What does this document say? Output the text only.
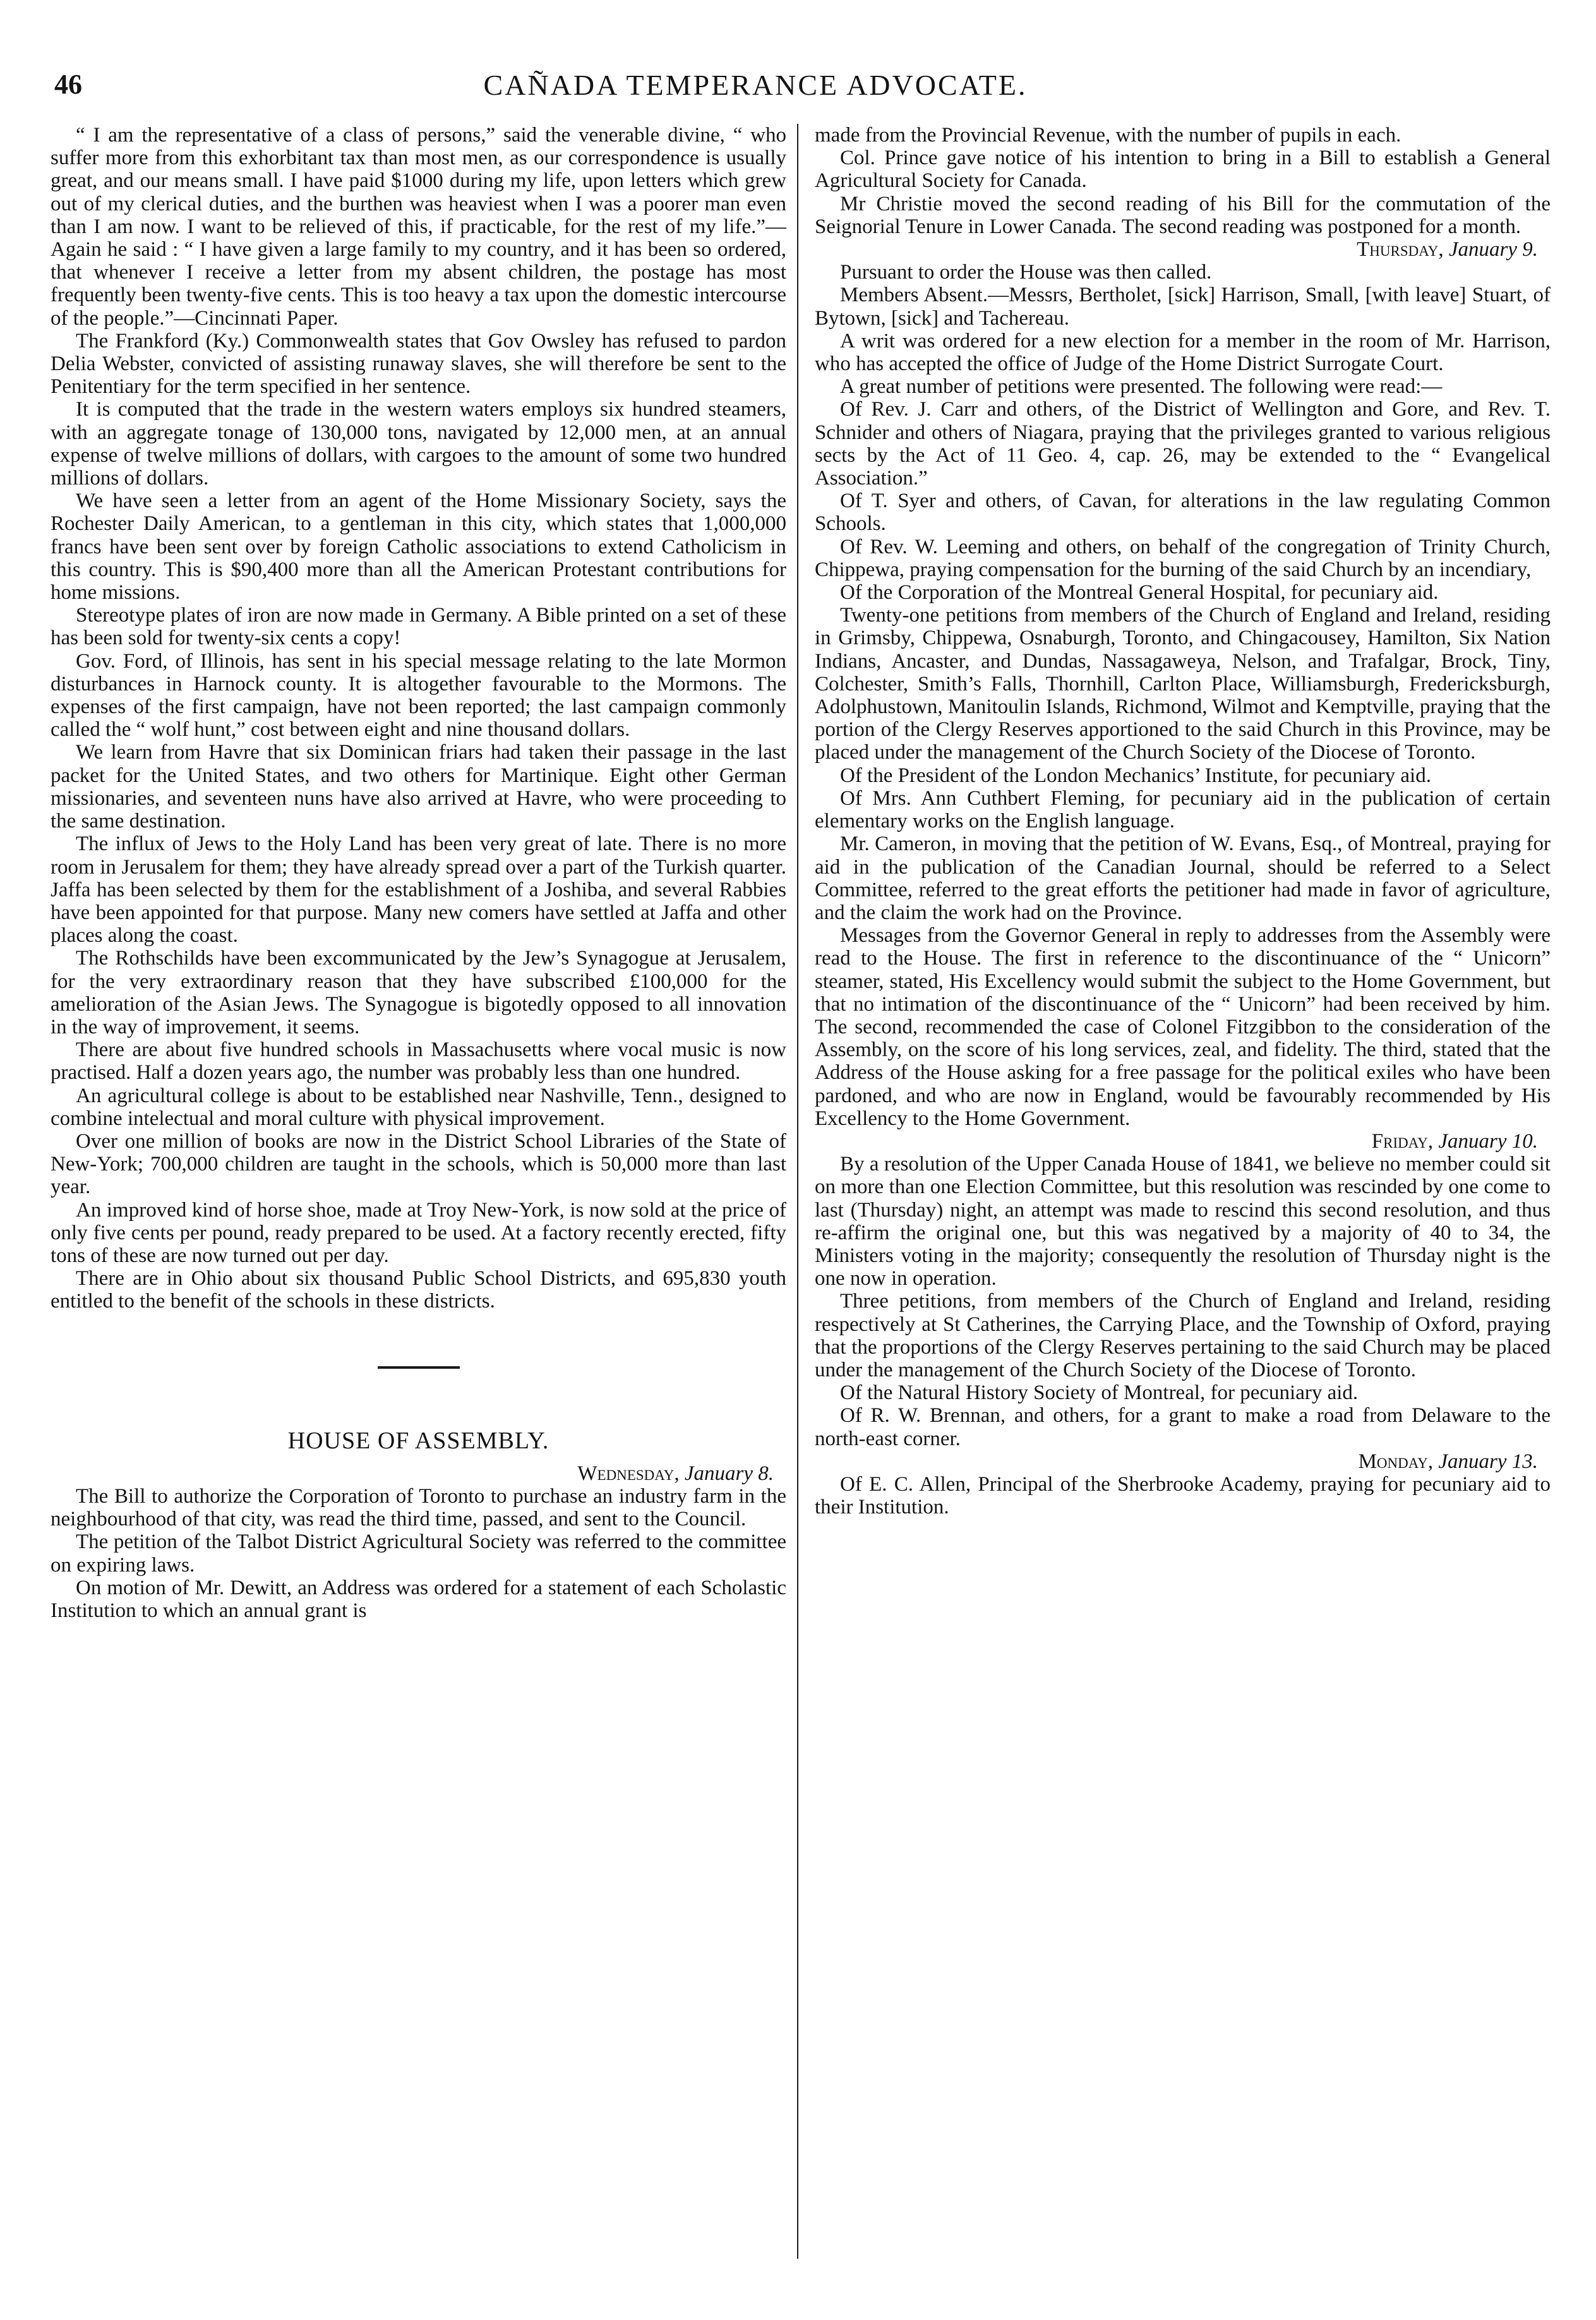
46	CAÑADA TEMPERANCE ADVOCATE.

“ I am the representative of a class of persons,” said the venerable divine, “ who suffer more from this exhorbitant tax than most men, as our correspondence is usually great, and our means small. I have paid $1000 during my life, upon letters which grew out of my clerical duties, and the burthen was heaviest when I was a poorer man even than I am now. I want to be relieved of this, if practicable, for the rest of my life.”— Again he said : “ I have given a large family to my country, and it has been so ordered, that whenever I receive a letter from my absent children, the postage has most frequently been twenty-five cents. This is too heavy a tax upon the domestic intercourse of the people.”—Cincinnati Paper.

The Frankford (Ky.) Commonwealth states that Gov Owsley has refused to pardon Delia Webster, convicted of assisting runaway slaves, she will therefore be sent to the Penitentiary for the term specified in her sentence.

It is computed that the trade in the western waters employs six hundred steamers, with an aggregate tonage of 130,000 tons, navigated by 12,000 men, at an annual expense of twelve millions of dollars, with cargoes to the amount of some two hundred millions of dollars.

We have seen a letter from an agent of the Home Missionary Society, says the Rochester Daily American, to a gentleman in this city, which states that 1,000,000 francs have been sent over by foreign Catholic associations to extend Catholicism in this country. This is $90,400 more than all the American Protestant contributions for home missions.

Stereotype plates of iron are now made in Germany. A Bible printed on a set of these has been sold for twenty-six cents a copy!

Gov. Ford, of Illinois, has sent in his special message relating to the late Mormon disturbances in Harnock county. It is altogether favourable to the Mormons. The expenses of the first campaign, have not been reported; the last campaign commonly called the “ wolf hunt,” cost between eight and nine thousand dollars.

We learn from Havre that six Dominican friars had taken their passage in the last packet for the United States, and two others for Martinique. Eight other German missionaries, and seventeen nuns have also arrived at Havre, who were proceeding to the same destination.

The influx of Jews to the Holy Land has been very great of late. There is no more room in Jerusalem for them; they have already spread over a part of the Turkish quarter. Jaffa has been selected by them for the establishment of a Joshiba, and several Rabbies have been appointed for that purpose. Many new comers have settled at Jaffa and other places along the coast.

The Rothschilds have been excommunicated by the Jew’s Synagogue at Jerusalem, for the very extraordinary reason that they have subscribed £100,000 for the amelioration of the Asian Jews. The Synagogue is bigotedly opposed to all innovation in the way of improvement, it seems.

There are about five hundred schools in Massachusetts where vocal music is now practised. Half a dozen years ago, the number was probably less than one hundred.

An agricultural college is about to be established near Nashville, Tenn., designed to combine intelectual and moral culture with physical improvement.

Over one million of books are now in the District School Libraries of the State of New-York; 700,000 children are taught in the schools, which is 50,000 more than last year.

An improved kind of horse shoe, made at Troy New-York, is now sold at the price of only five cents per pound, ready prepared to be used. At a factory recently erected, fifty tons of these are now turned out per day.

There are in Ohio about six thousand Public School Districts, and 695,830 youth entitled to the benefit of the schools in these districts.

HOUSE OF ASSEMBLY.

Wednesday, January 8.

The Bill to authorize the Corporation of Toronto to purchase an industry farm in the neighbourhood of that city, was read the third time, passed, and sent to the Council.

The petition of the Talbot District Agricultural Society was referred to the committee on expiring laws.

On motion of Mr. Dewitt, an Address was ordered for a statement of each Scholastic Institution to which an annual grant is

made from the Provincial Revenue, with the number of pupils in each.

Col. Prince gave notice of his intention to bring in a Bill to establish a General Agricultural Society for Canada.

Mr Christie moved the second reading of his Bill for the commutation of the Seignorial Tenure in Lower Canada. The second reading was postponed for a month.

Thursday, January 9.

Pursuant to order the House was then called.

Members Absent.—Messrs, Bertholet, [sick] Harrison, Small, [with leave] Stuart, of Bytown, [sick] and Tachereau.

A writ was ordered for a new election for a member in the room of Mr. Harrison, who has accepted the office of Judge of the Home District Surrogate Court.

A great number of petitions were presented. The following were read:—

Of Rev. J. Carr and others, of the District of Wellington and Gore, and Rev. T. Schnider and others of Niagara, praying that the privileges granted to various religious sects by the Act of 11 Geo. 4, cap. 26, may be extended to the “ Evangelical Association.”

Of T. Syer and others, of Cavan, for alterations in the law regulating Common Schools.

Of Rev. W. Leeming and others, on behalf of the congregation of Trinity Church, Chippewa, praying compensation for the burning of the said Church by an incendiary,

Of the Corporation of the Montreal General Hospital, for pecuniary aid.

Twenty-one petitions from members of the Church of England and Ireland, residing in Grimsby, Chippewa, Osnaburgh, Toronto, and Chingacousey, Hamilton, Six Nation Indians, Ancaster, and Dundas, Nassagaweya, Nelson, and Trafalgar, Brock, Tiny, Colchester, Smith’s Falls, Thornhill, Carlton Place, Williamsburgh, Fredericksburgh, Adolphustown, Manitoulin Islands, Richmond, Wilmot and Kemptville, praying that the portion of the Clergy Reserves apportioned to the said Church in this Province, may be placed under the management of the Church Society of the Diocese of Toronto.

Of the President of the London Mechanics’ Institute, for pecuniary aid.

Of Mrs. Ann Cuthbert Fleming, for pecuniary aid in the publication of certain elementary works on the English language.

Mr. Cameron, in moving that the petition of W. Evans, Esq., of Montreal, praying for aid in the publication of the Canadian Journal, should be referred to a Select Committee, referred to the great efforts the petitioner had made in favor of agriculture, and the claim the work had on the Province.

Messages from the Governor General in reply to addresses from the Assembly were read to the House. The first in reference to the discontinuance of the “ Unicorn” steamer, stated, His Excellency would submit the subject to the Home Government, but that no intimation of the discontinuance of the “ Unicorn” had been received by him. The second, recommended the case of Colonel Fitzgibbon to the consideration of the Assembly, on the score of his long services, zeal, and fidelity. The third, stated that the Address of the House asking for a free passage for the political exiles who have been pardoned, and who are now in England, would be favourably recommended by His Excellency to the Home Government.

Friday, January 10.

By a resolution of the Upper Canada House of 1841, we believe no member could sit on more than one Election Committee, but this resolution was rescinded by one come to last (Thursday) night, an attempt was made to rescind this second resolution, and thus re-affirm the original one, but this was negatived by a majority of 40 to 34, the Ministers voting in the majority; consequently the resolution of Thursday night is the one now in operation.

Three petitions, from members of the Church of England and Ireland, residing respectively at St Catherines, the Carrying Place, and the Township of Oxford, praying that the proportions of the Clergy Reserves pertaining to the said Church may be placed under the management of the Church Society of the Diocese of Toronto.

Of the Natural History Society of Montreal, for pecuniary aid.

Of R. W. Brennan, and others, for a grant to make a road from Delaware to the north-east corner.

Monday, January 13.

Of E. C. Allen, Principal of the Sherbrooke Academy, praying for pecuniary aid to their Institution.
